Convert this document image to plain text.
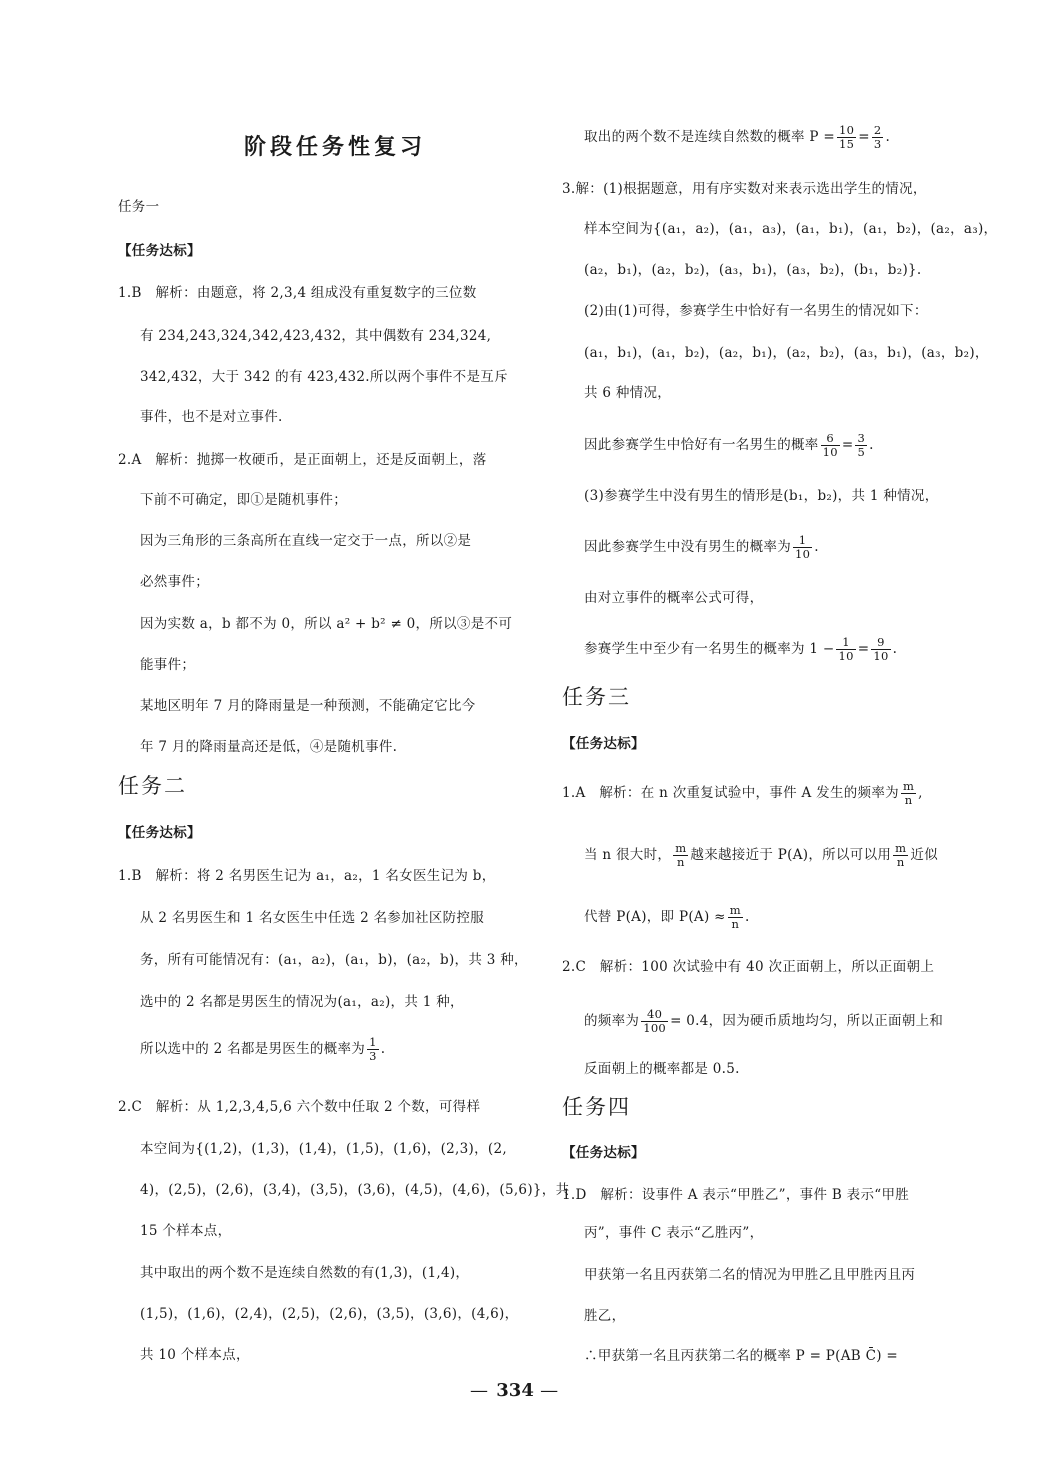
阶段任务性复习
任务一
【任务达标】
1.B　解析：由题意，将 2,3,4 组成没有重复数字的三位数
有 234,243,324,342,423,432，其中偶数有 234,324,
342,432，大于 342 的有 423,432.所以两个事件不是互斥
事件，也不是对立事件.
2.A　解析：抛掷一枚硬币，是正面朝上，还是反面朝上，落
下前不可确定，即①是随机事件；
因为三角形的三条高所在直线一定交于一点，所以②是
必然事件；
因为实数 a，b 都不为 0，所以 a² + b² ≠ 0，所以③是不可
能事件；
某地区明年 7 月的降雨量是一种预测，不能确定它比今
年 7 月的降雨量高还是低，④是随机事件.
任务二
【任务达标】
1.B　解析：将 2 名男医生记为 a₁，a₂，1 名女医生记为 b，
从 2 名男医生和 1 名女医生中任选 2 名参加社区防控服
务，所有可能情况有：(a₁，a₂)，(a₁，b)，(a₂，b)，共 3 种，
选中的 2 名都是男医生的情况为(a₁，a₂)，共 1 种，
所以选中的 2 名都是男医生的概率为 $\frac{1}{3}$ .
2.C　解析：从 1,2,3,4,5,6 六个数中任取 2 个数，可得样
本空间为{(1,2)，(1,3)，(1,4)，(1,5)，(1,6)，(2,3)，(2,
4)，(2,5)，(2,6)，(3,4)，(3,5)，(3,6)，(4,5)，(4,6)，(5,6)}，共
15 个样本点，
其中取出的两个数不是连续自然数的有(1,3)，(1,4)，
(1,5)，(1,6)，(2,4)，(2,5)，(2,6)，(3,5)，(3,6)，(4,6)，
共 10 个样本点，
取出的两个数不是连续自然数的概率 $P = \frac{10}{15} = \frac{2}{3}$ .
3.解：(1)根据题意，用有序实数对来表示选出学生的情况，
样本空间为{(a₁，a₂)，(a₁，a₃)，(a₁，b₁)，(a₁，b₂)，(a₂，a₃)，
(a₂，b₁)，(a₂，b₂)，(a₃，b₁)，(a₃，b₂)，(b₁，b₂)}.
(2)由(1)可得，参赛学生中恰好有一名男生的情况如下：
(a₁，b₁)，(a₁，b₂)，(a₂，b₁)，(a₂，b₂)，(a₃，b₁)，(a₃，b₂)，
共 6 种情况，
因此参赛学生中恰好有一名男生的概率 $\frac{6}{10} = \frac{3}{5}$ .
(3)参赛学生中没有男生的情形是(b₁，b₂)，共 1 种情况，
因此参赛学生中没有男生的概率为 $\frac{1}{10}$ .
由对立事件的概率公式可得，
参赛学生中至少有一名男生的概率为 $1 - \frac{1}{10} = \frac{9}{10}$ .
任务三
【任务达标】
1.A　解析：在 n 次重复试验中，事件 A 发生的频率为 $\frac{m}{n}$ ,
当 n 很大时， $\frac{m}{n}$ 越来越接近于 P(A)，所以可以用 $\frac{m}{n}$ 近似
代替 P(A)，即 $P(A) \approx \frac{m}{n}$ .
2.C　解析：100 次试验中有 40 次正面朝上，所以正面朝上
的频率为 $\frac{40}{100} = 0.4$，因为硬币质地均匀，所以正面朝上和
反面朝上的概率都是 0.5.
任务四
【任务达标】
1.D　解析：设事件 A 表示“甲胜乙”，事件 B 表示“甲胜
丙”，事件 C 表示“乙胜丙”，
甲获第一名且丙获第二名的情况为甲胜乙且甲胜丙且丙
胜乙，
∴甲获第一名且丙获第二名的概率 P = P(AB C̄) =
— 334 —
